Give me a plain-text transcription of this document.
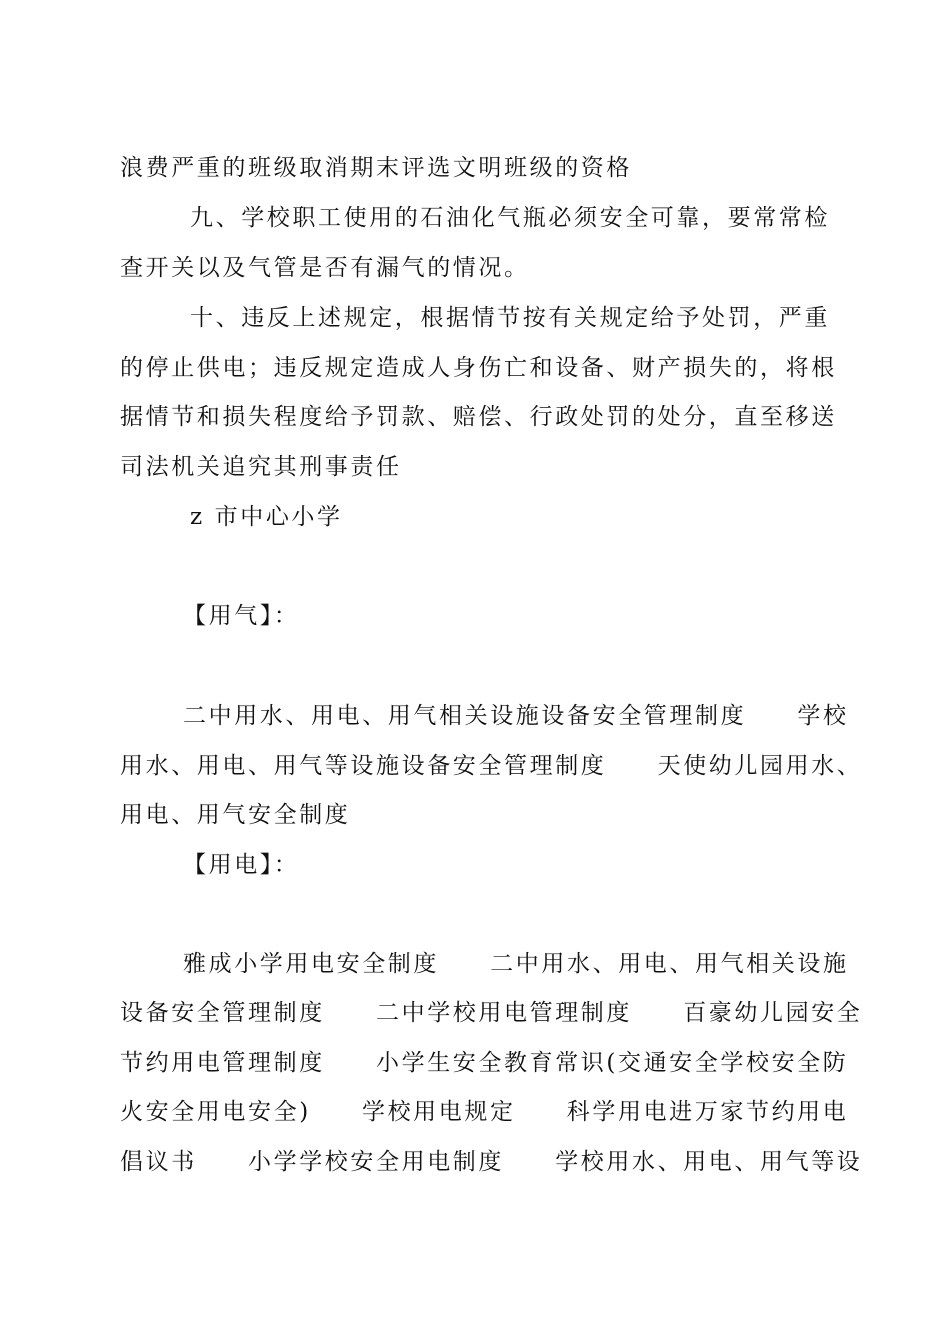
浪费严重的班级取消期末评选文明班级的资格
九、学校职工使用的石油化气瓶必须安全可靠，要常常检
查开关以及气管是否有漏气的情况。
十、违反上述规定，根据情节按有关规定给予处罚，严重
的停止供电；违反规定造成人身伤亡和设备、财产损失的，将根
据情节和损失程度给予罚款、赔偿、行政处罚的处分，直至移送
司法机关追究其刑事责任
z 市中心小学
【用气】：
二中用水、用电、用气相关设施设备安全管理制度　　学校
用水、用电、用气等设施设备安全管理制度　　天使幼儿园用水、
用电、用气安全制度
【用电】：
雅成小学用电安全制度　　二中用水、用电、用气相关设施
设备安全管理制度　　二中学校用电管理制度　　百豪幼儿园安全
节约用电管理制度　　小学生安全教育常识(交通安全学校安全防
火安全用电安全)　　学校用电规定　　科学用电进万家节约用电
倡议书　　小学学校安全用电制度　　学校用水、用电、用气等设
